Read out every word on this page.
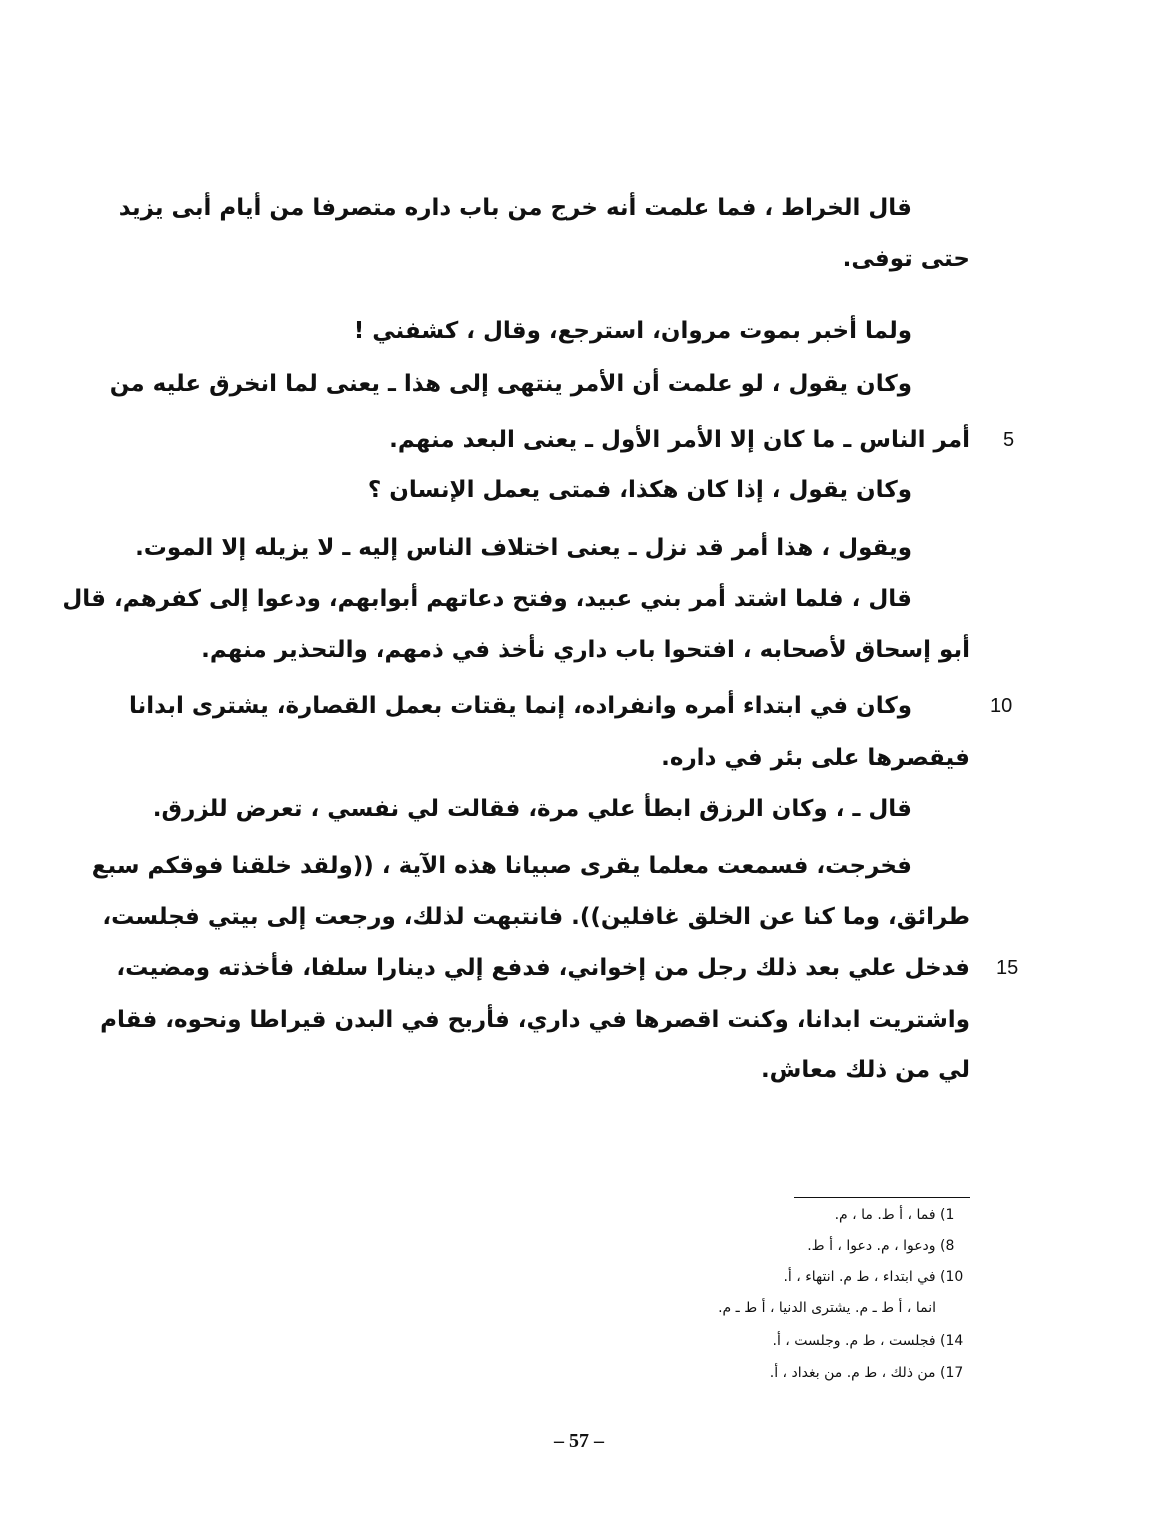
قال الخراط ، فما علمت أنه خرج من باب داره متصرفا من أيام أبى يزيد
حتى توفى.
ولما أخبر بموت مروان، استرجع، وقال ، كشفني !
وكان يقول ، لو علمت أن الأمر ينتهى إلى هذا ـ يعنى لما انخرق عليه من
أمر الناس ـ ما كان إلا الأمر الأول ـ يعنى البعد منهم.
وكان يقول ، إذا كان هكذا، فمتى يعمل الإنسان ؟
ويقول ، هذا أمر قد نزل ـ يعنى اختلاف الناس إليه ـ لا يزيله إلا الموت.
قال ، فلما اشتد أمر بني عبيد، وفتح دعاتهم أبوابهم، ودعوا إلى كفرهم، قال
أبو إسحاق لأصحابه ، افتحوا باب داري نأخذ في ذمهم، والتحذير منهم.
وكان في ابتداء أمره وانفراده، إنما يقتات بعمل القصارة، يشترى ابدانا
فيقصرها على بئر في داره.
قال ـ ، وكان الرزق ابطأ علي مرة، فقالت لي نفسي ، تعرض للزرق.
فخرجت، فسمعت معلما يقرى صبيانا هذه الآية ، ((ولقد خلقنا فوقكم سبع
طرائق، وما كنا عن الخلق غافلين)). فانتبهت لذلك، ورجعت إلى بيتي فجلست،
فدخل علي بعد ذلك رجل من إخواني، فدفع إلي دينارا سلفا، فأخذته ومضيت،
واشتريت ابدانا، وكنت اقصرها في داري، فأربح في البدن قيراطا ونحوه، فقام
لي من ذلك معاش.
5
10
15
1) فما ، أ ط. ما ، م.
8) ودعوا ، م. دعوا ، أ ط.
10) في ابتداء ، ط م. انتهاء ، أ.
انما ، أ ط ـ م. يشترى الدنيا ، أ ط ـ م.
14) فجلست ، ط م. وجلست ، أ.
17) من ذلك ، ط م. من بغداد ، أ.
– 57 –
